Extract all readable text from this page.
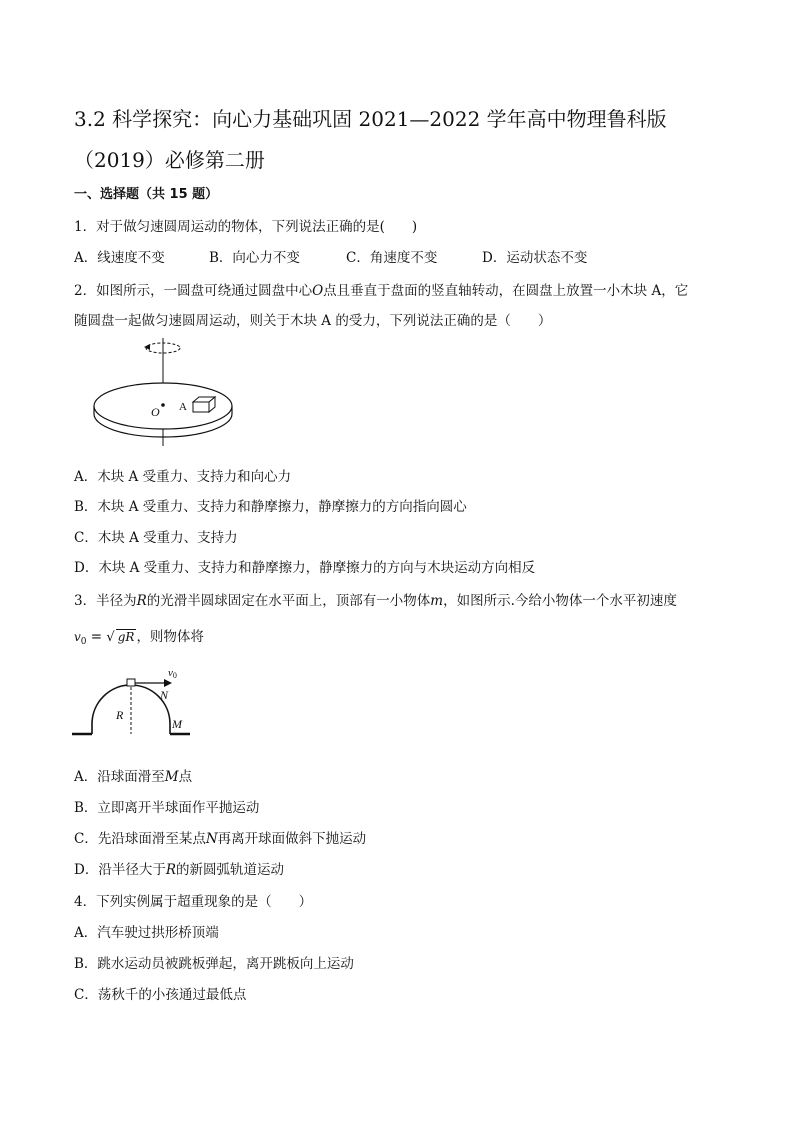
3.2 科学探究：向心力基础巩固 2021—2022 学年高中物理鲁科版
（2019）必修第二册
一、选择题（共 15 题）
1．对于做匀速圆周运动的物体，下列说法正确的是(　　)
A．线速度不变	B．向心力不变	C．角速度不变	D．运动状态不变
2．如图所示，一圆盘可绕通过圆盘中心O点且垂直于盘面的竖直轴转动，在圆盘上放置一小木块 A，它
随圆盘一起做匀速圆周运动，则关于木块 A 的受力，下列说法正确的是（　　）
O A
A．木块 A 受重力、支持力和向心力
B．木块 A 受重力、支持力和静摩擦力，静摩擦力的方向指向圆心
C．木块 A 受重力、支持力
D．木块 A 受重力、支持力和静摩擦力，静摩擦力的方向与木块运动方向相反
3．半径为R的光滑半圆球固定在水平面上，顶部有一小物体m，如图所示.今给小物体一个水平初速度
$v_0$ = √ gR ，则物体将
v0
N
R
M
A．沿球面滑至M点
B．立即离开半球面作平抛运动
C．先沿球面滑至某点N再离开球面做斜下抛运动
D．沿半径大于R的新圆弧轨道运动
4．下列实例属于超重现象的是（　　）
A．汽车驶过拱形桥顶端
B．跳水运动员被跳板弹起，离开跳板向上运动
C．荡秋千的小孩通过最低点
